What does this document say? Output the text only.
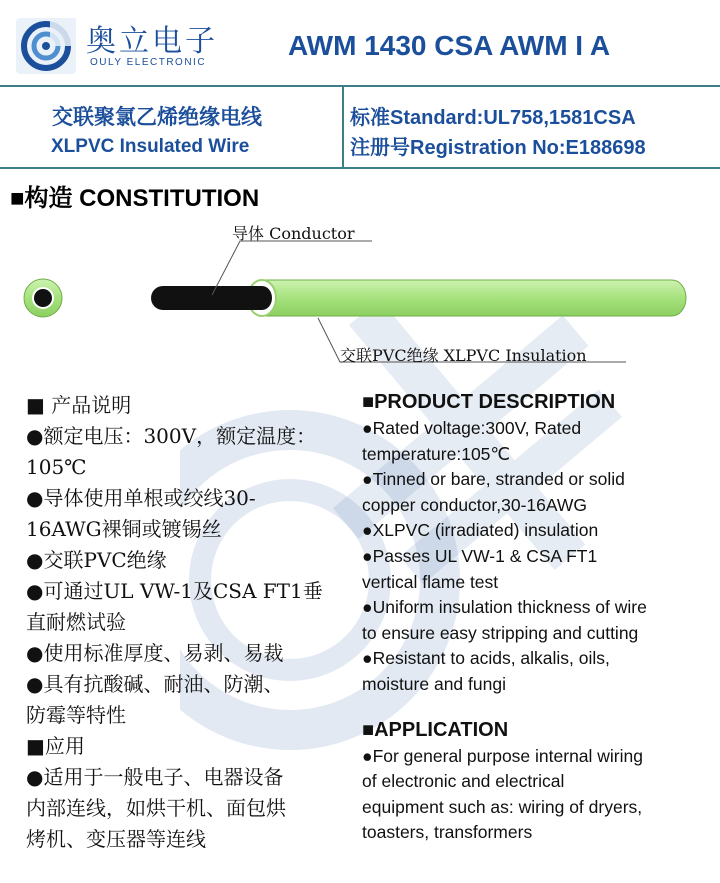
奥立电子
OULY ELECTRONIC
AWM 1430 CSA AWM I A
交联聚氯乙烯绝缘电线
XLPVC Insulated Wire
标准Standard:UL758,1581CSA
注册号Registration No:E188698
■构造 CONSTITUTION
导体 Conductor
交联PVC绝缘 XLPVC Insulation
■ 产品说明
●额定电压：300V，额定温度：
105℃
●导体使用单根或绞线30-
16AWG裸铜或镀锡丝
●交联PVC绝缘
●可通过UL VW-1及CSA FT1垂
直耐燃试验
●使用标准厚度、易剥、易裁
●具有抗酸碱、耐油、防潮、
防霉等特性
■应用
●适用于一般电子、电器设备
内部连线，如烘干机、面包烘
烤机、变压器等连线
■PRODUCT DESCRIPTION
●Rated voltage:300V, Rated
temperature:105℃
●Tinned or bare, stranded or solid
copper conductor,30-16AWG
●XLPVC (irradiated) insulation
●Passes UL VW-1 & CSA FT1
vertical flame test
●Uniform insulation thickness of wire
to ensure easy stripping and cutting
●Resistant to acids, alkalis, oils,
moisture and fungi
■APPLICATION
●For general purpose internal wiring
of electronic and electrical
equipment such as: wiring of dryers,
toasters, transformers
